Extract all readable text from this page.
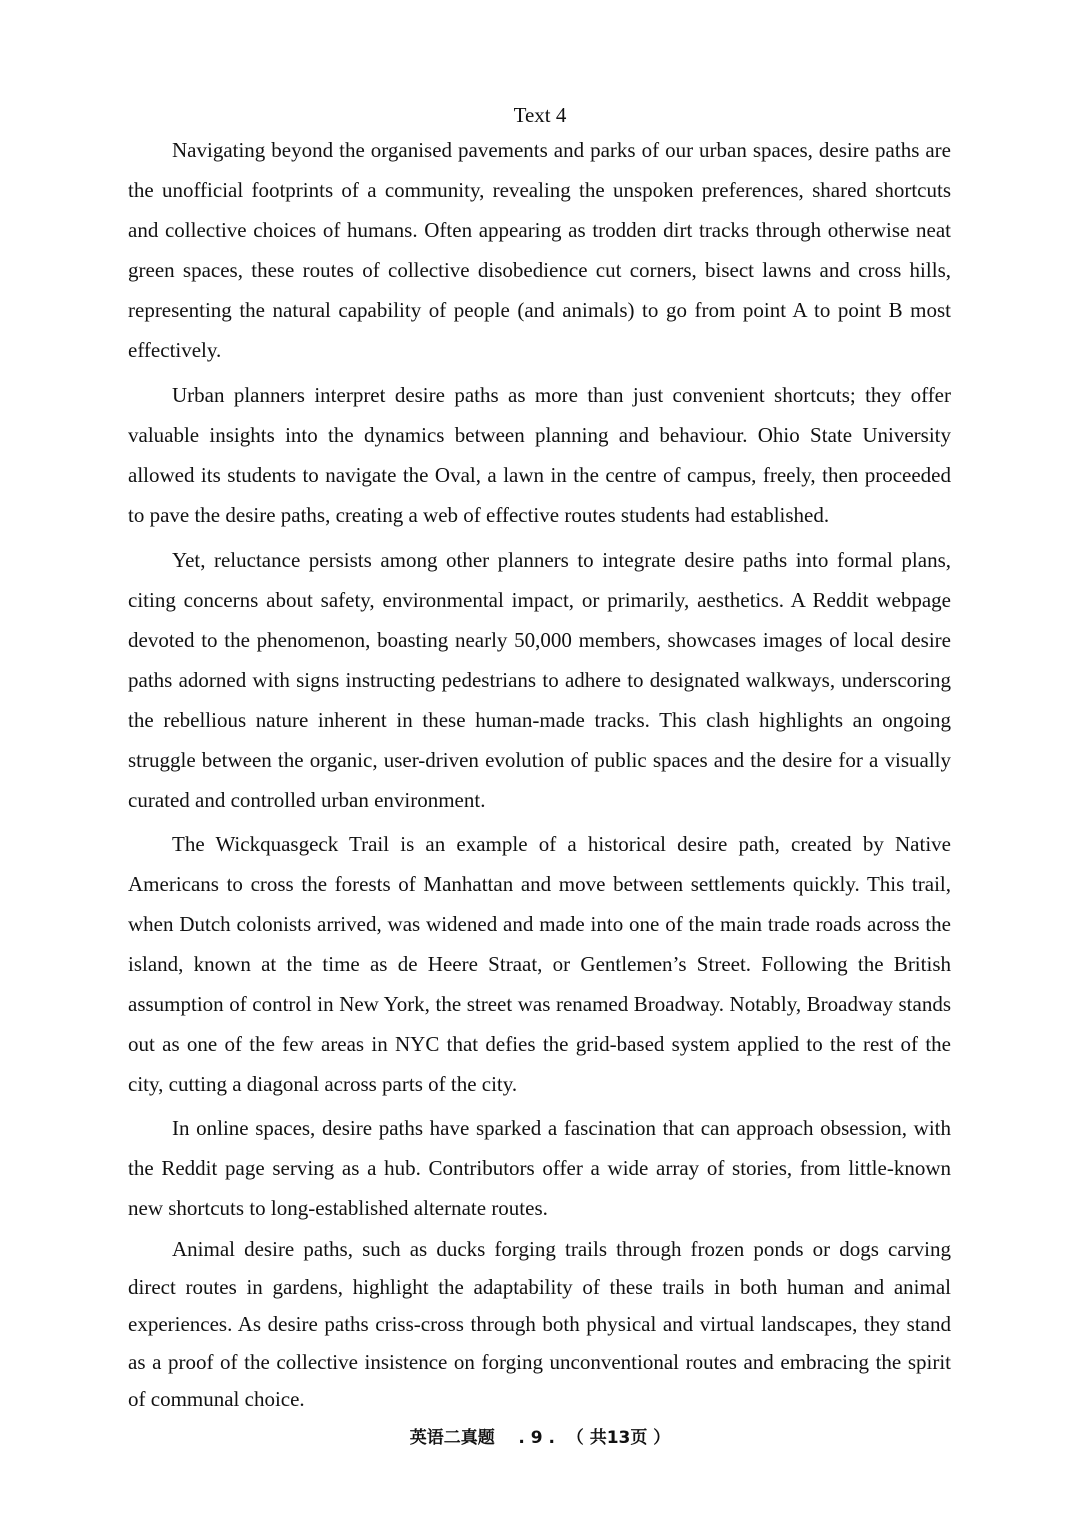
Text 4

Navigating beyond the organised pavements and parks of our urban spaces, desire paths are the unofficial footprints of a community, revealing the unspoken preferences, shared shortcuts and collective choices of humans. Often appearing as trodden dirt tracks through otherwise neat green spaces, these routes of collective disobedience cut corners, bisect lawns and cross hills, representing the natural capability of people (and animals) to go from point A to point B most effectively.

Urban planners interpret desire paths as more than just convenient shortcuts; they offer valuable insights into the dynamics between planning and behaviour. Ohio State University allowed its students to navigate the Oval, a lawn in the centre of campus, freely, then proceeded to pave the desire paths, creating a web of effective routes students had established.

Yet, reluctance persists among other planners to integrate desire paths into formal plans, citing concerns about safety, environmental impact, or primarily, aesthetics. A Reddit webpage devoted to the phenomenon, boasting nearly 50,000 members, showcases images of local desire paths adorned with signs instructing pedestrians to adhere to designated walkways, underscoring the rebellious nature inherent in these human-made tracks. This clash highlights an ongoing struggle between the organic, user-driven evolution of public spaces and the desire for a visually curated and controlled urban environment.

The Wickquasgeck Trail is an example of a historical desire path, created by Native Americans to cross the forests of Manhattan and move between settlements quickly. This trail, when Dutch colonists arrived, was widened and made into one of the main trade roads across the island, known at the time as de Heere Straat, or Gentlemen’s Street. Following the British assumption of control in New York, the street was renamed Broadway. Notably, Broadway stands out as one of the few areas in NYC that defies the grid-based system applied to the rest of the city, cutting a diagonal across parts of the city.

In online spaces, desire paths have sparked a fascination that can approach obsession, with the Reddit page serving as a hub. Contributors offer a wide array of stories, from little-known new shortcuts to long-established alternate routes.

Animal desire paths, such as ducks forging trails through frozen ponds or dogs carving direct routes in gardens, highlight the adaptability of these trails in both human and animal experiences. As desire paths criss-cross through both physical and virtual landscapes, they stand as a proof of the collective insistence on forging unconventional routes and embracing the spirit of communal choice.

英语二真题    . 9 .  （ 共13页 ）
